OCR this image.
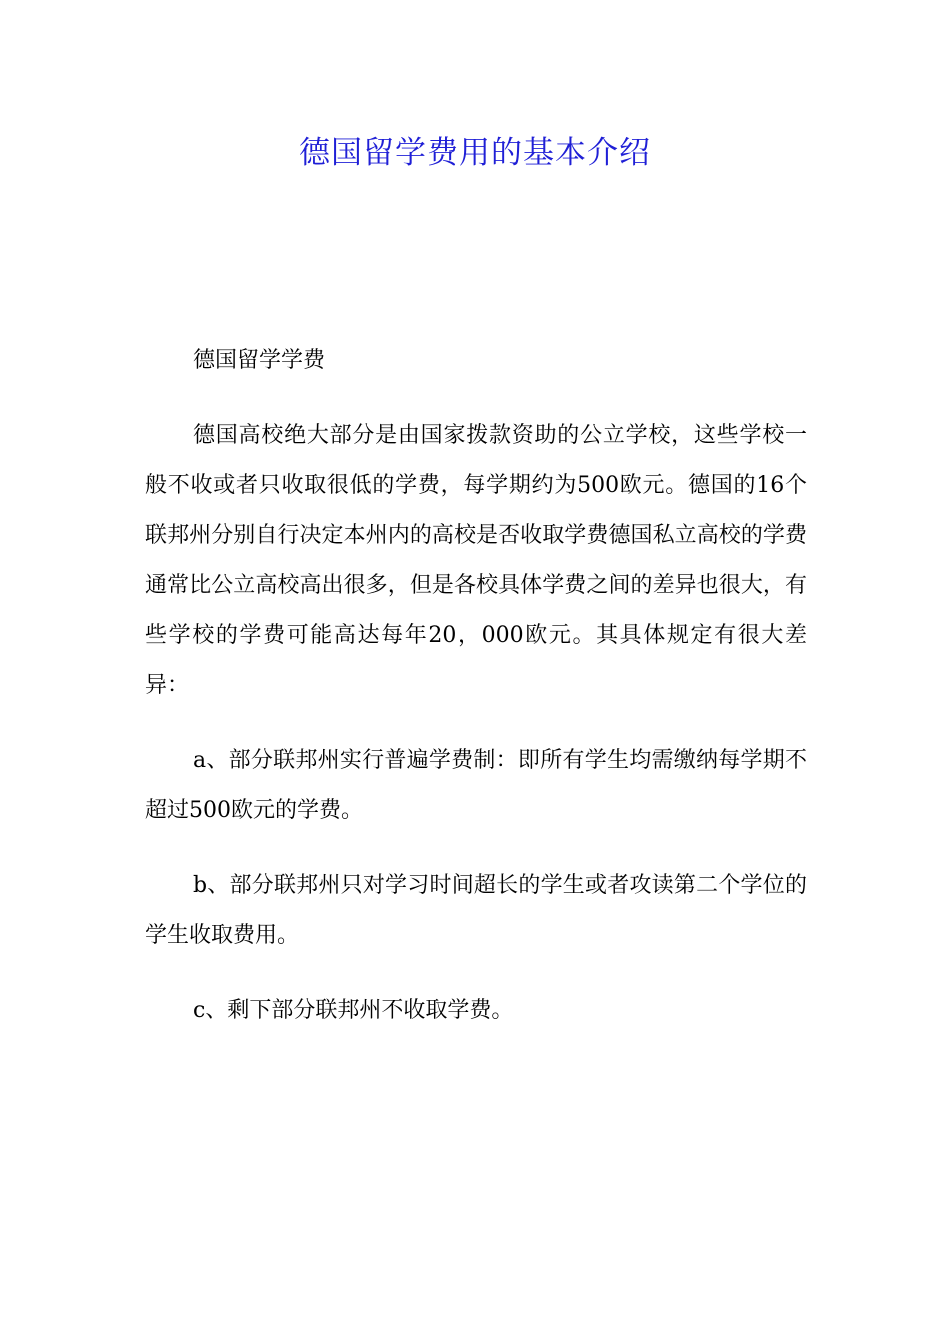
德国留学费用的基本介绍

德国留学学费

德国高校绝大部分是由国家拨款资助的公立学校，这些学校一般不收或者只收取很低的学费，每学期约为500欧元。德国的16个联邦州分别自行决定本州内的高校是否收取学费德国私立高校的学费通常比公立高校高出很多，但是各校具体学费之间的差异也很大，有些学校的学费可能高达每年20，000欧元。其具体规定有很大差异：

a、部分联邦州实行普遍学费制：即所有学生均需缴纳每学期不超过500欧元的学费。

b、部分联邦州只对学习时间超长的学生或者攻读第二个学位的学生收取费用。

c、剩下部分联邦州不收取学费。
